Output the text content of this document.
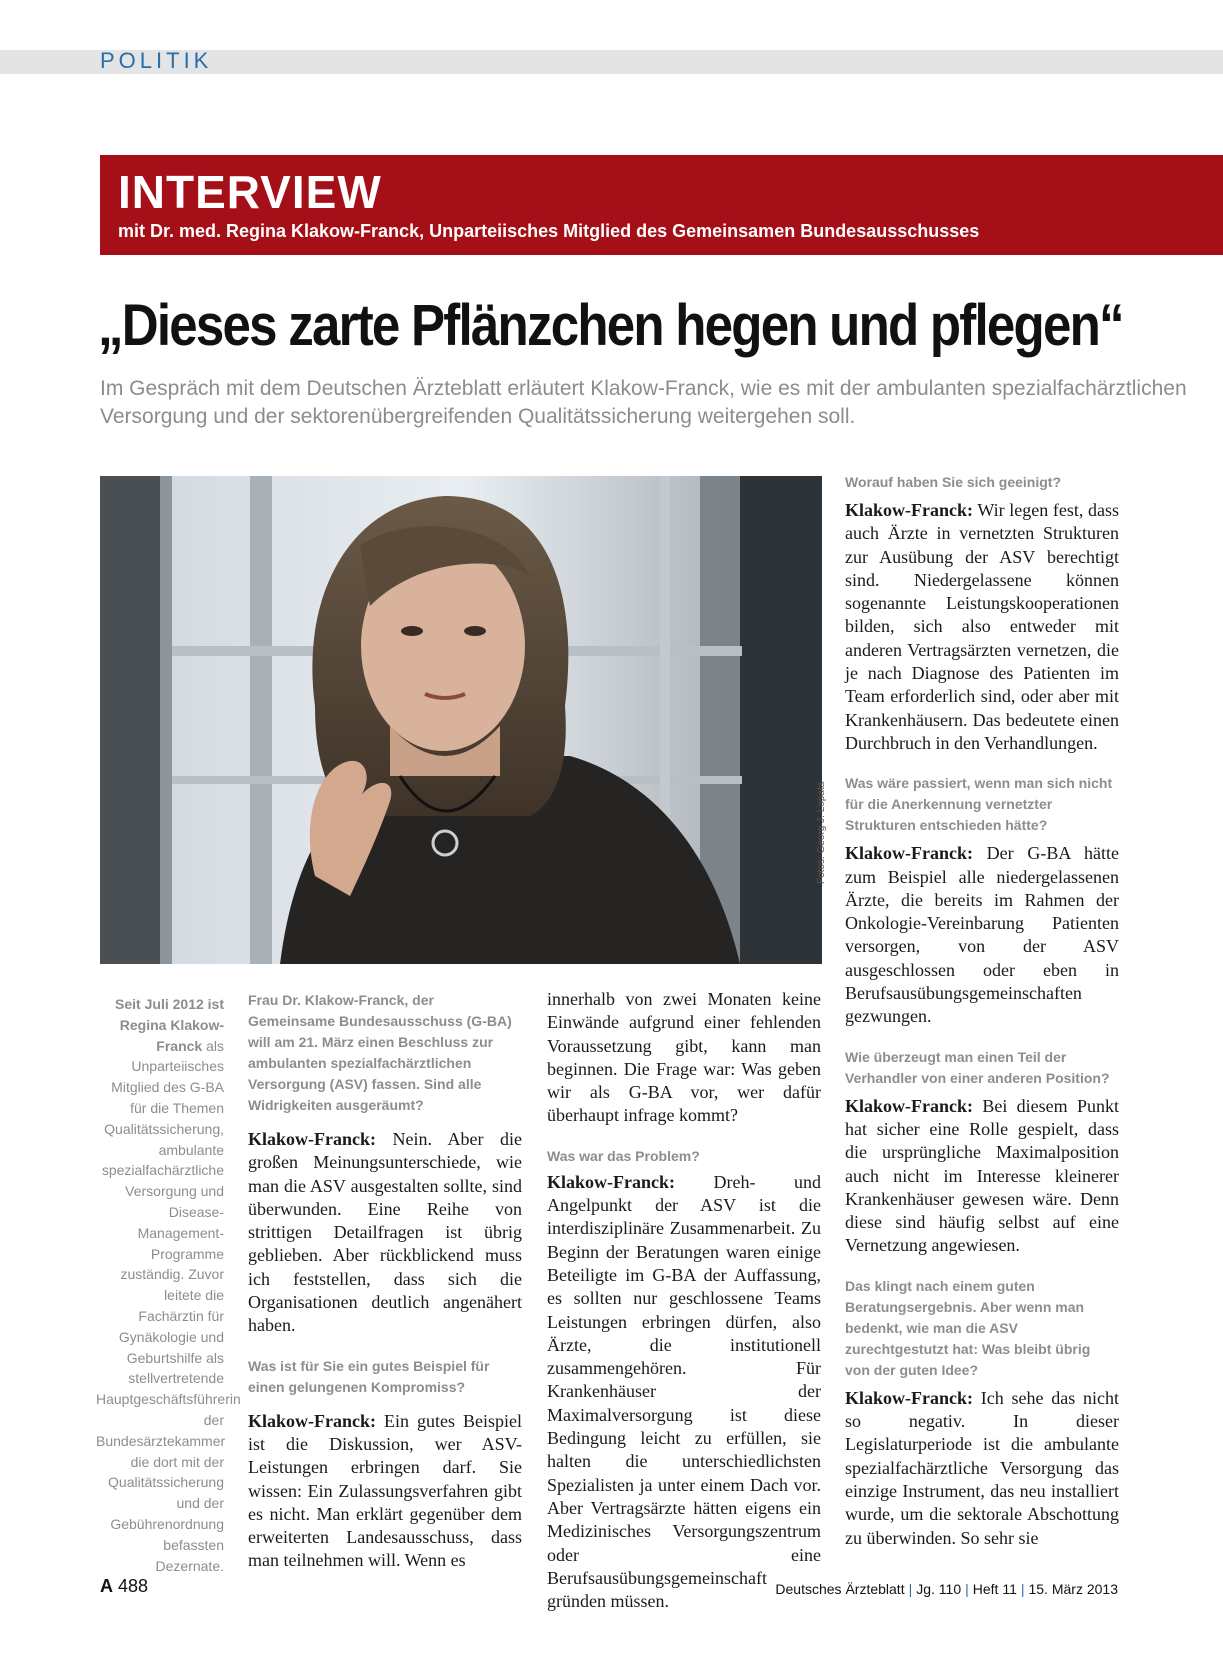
POLITIK
INTERVIEW
mit Dr. med. Regina Klakow-Franck, Unparteiisches Mitglied des Gemeinsamen Bundesausschusses
„Dieses zarte Pflänzchen hegen und pflegen“
Im Gespräch mit dem Deutschen Ärzteblatt erläutert Klakow-Franck, wie es mit der ambulanten spezialfachärztlichen Versorgung und der sektorenübergreifenden Qualitätssicherung weitergehen soll.
Fotos: Georg J. Lopata
Seit Juli 2012 ist Regina Klakow-Franck als Unparteiisches Mitglied des G-BA für die Themen Qualitätssicherung, ambulante spezialfachärztliche Versorgung und Disease-Management-Programme zuständig. Zuvor leitete die Fachärztin für Gynäkologie und Geburtshilfe als stellvertretende Hauptgeschäftsführerin der Bundesärztekammer die dort mit der Qualitätssicherung und der Gebührenordnung befassten Dezernate.

Frau Dr. Klakow-Franck, der Gemeinsame Bundesausschuss (G-BA) will am 21. März einen Beschluss zur ambulanten spezialfachärztlichen Versorgung (ASV) fassen. Sind alle Widrigkeiten ausgeräumt?

Klakow-Franck: Nein. Aber die großen Meinungsunterschiede, wie man die ASV ausgestalten sollte, sind überwunden. Eine Reihe von strittigen Detailfragen ist übrig geblieben. Aber rückblickend muss ich feststellen, dass sich die Organisationen deutlich angenähert haben.

Was ist für Sie ein gutes Beispiel für einen gelungenen Kompromiss?

Klakow-Franck: Ein gutes Beispiel ist die Diskussion, wer ASV-Leistungen erbringen darf. Sie wissen: Ein Zulassungsverfahren gibt es nicht. Man erklärt gegenüber dem erweiterten Landesausschuss, dass man teilnehmen will. Wenn es

innerhalb von zwei Monaten keine Einwände aufgrund einer fehlenden Voraussetzung gibt, kann man beginnen. Die Frage war: Was geben wir als G-BA vor, wer dafür überhaupt infrage kommt?

Was war das Problem?

Klakow-Franck: Dreh- und Angelpunkt der ASV ist die interdisziplinäre Zusammenarbeit. Zu Beginn der Beratungen waren einige Beteiligte im G-BA der Auffassung, es sollten nur geschlossene Teams Leistungen erbringen dürfen, also Ärzte, die institutionell zusammengehören. Für Krankenhäuser der Maximalversorgung ist diese Bedingung leicht zu erfüllen, sie halten die unterschiedlichsten Spezialisten ja unter einem Dach vor. Aber Vertragsärzte hätten eigens ein Medizinisches Versorgungszentrum oder eine Berufsausübungsgemeinschaft gründen müssen.

Worauf haben Sie sich geeinigt?

Klakow-Franck: Wir legen fest, dass auch Ärzte in vernetzten Strukturen zur Ausübung der ASV berechtigt sind. Niedergelassene können sogenannte Leistungskooperationen bilden, sich also entweder mit anderen Vertragsärzten vernetzen, die je nach Diagnose des Patienten im Team erforderlich sind, oder aber mit Krankenhäusern. Das bedeutete einen Durchbruch in den Verhandlungen.

Was wäre passiert, wenn man sich nicht für die Anerkennung vernetzter Strukturen entschieden hätte?

Klakow-Franck: Der G-BA hätte zum Beispiel alle niedergelassenen Ärzte, die bereits im Rahmen der Onkologie-Vereinbarung Patienten versorgen, von der ASV ausgeschlossen oder eben in Berufsausübungsgemeinschaften gezwungen.

Wie überzeugt man einen Teil der Verhandler von einer anderen Position?

Klakow-Franck: Bei diesem Punkt hat sicher eine Rolle gespielt, dass die ursprüngliche Maximalposition auch nicht im Interesse kleinerer Krankenhäuser gewesen wäre. Denn diese sind häufig selbst auf eine Vernetzung angewiesen.

Das klingt nach einem guten Beratungsergebnis. Aber wenn man bedenkt, wie man die ASV zurechtgestutzt hat: Was bleibt übrig von der guten Idee?

Klakow-Franck: Ich sehe das nicht so negativ. In dieser Legislaturperiode ist die ambulante spezialfachärztliche Versorgung das einzige Instrument, das neu installiert wurde, um die sektorale Abschottung zu überwinden. So sehr sie

A 488	Deutsches Ärzteblatt | Jg. 110 | Heft 11 | 15. März 2013
